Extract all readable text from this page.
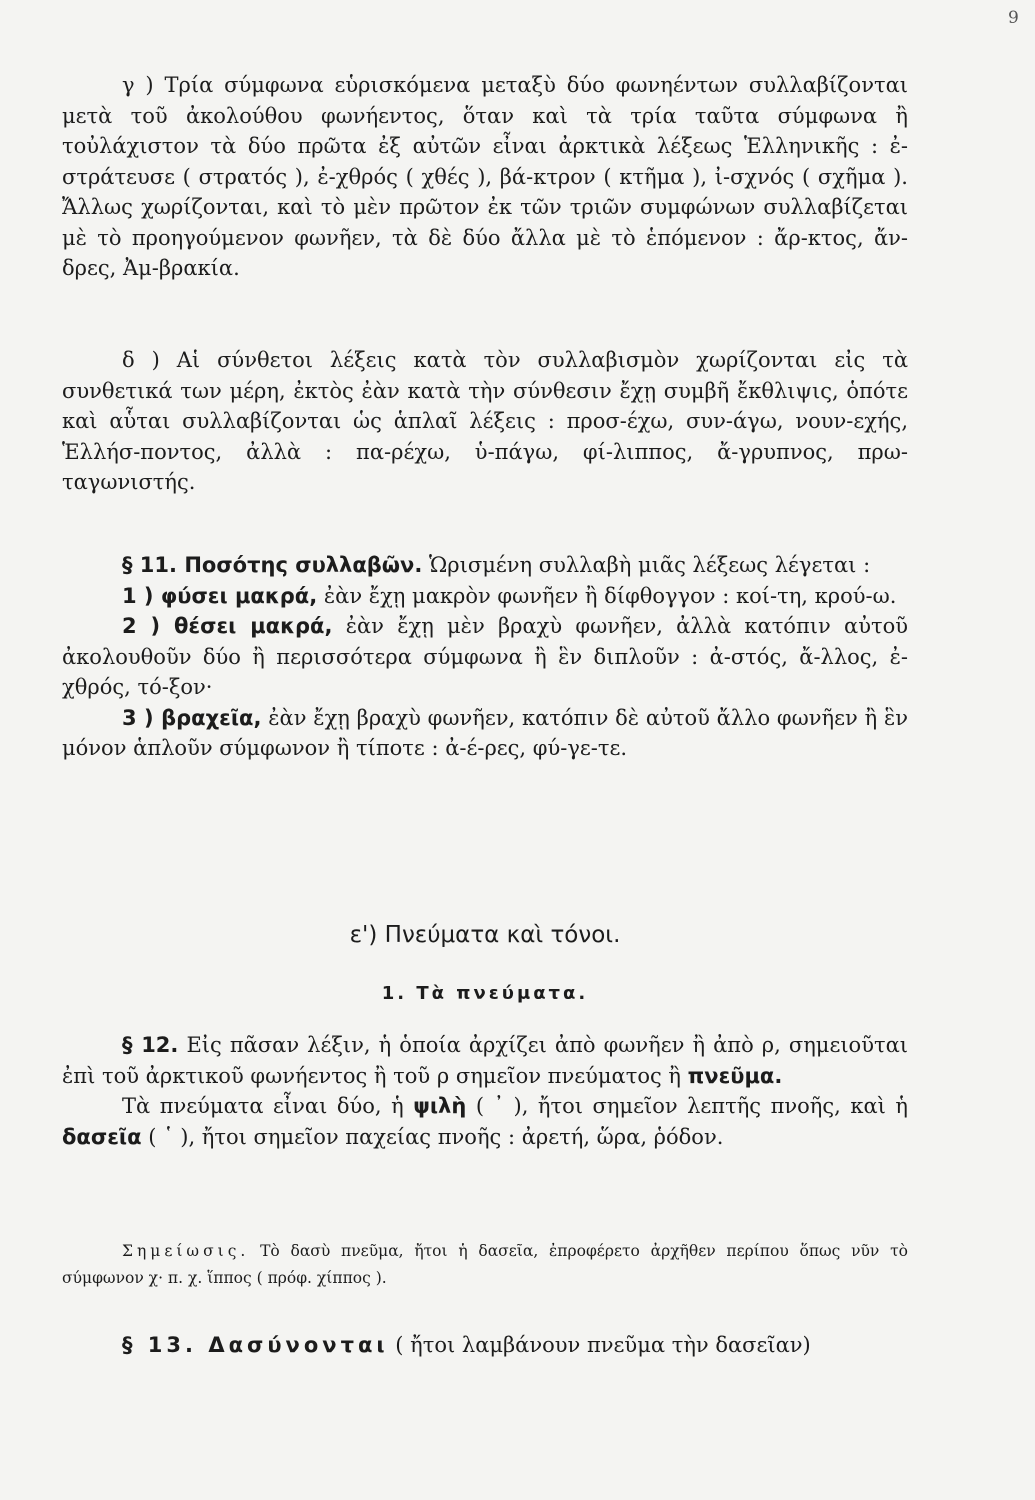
9

γ ) Τρία σύμφωνα εὑρισκόμενα μεταξὺ δύο φωνηέντων συλλαβίζονται μετὰ τοῦ ἀκολούθου φωνήεντος, ὅταν καὶ τὰ τρία ταῦτα σύμφωνα ἢ τοὐλάχιστον τὰ δύο πρῶτα ἐξ αὐτῶν εἶναι ἀρκτικὰ λέξεως Ἑλληνικῆς : ἐ-στράτευσε ( στρατός ), ἐ-χθρός ( χθές ), βά-κτρον ( κτῆμα ), ἰ-σχνός ( σχῆμα ). Ἄλλως χωρίζονται, καὶ τὸ μὲν πρῶτον ἐκ τῶν τριῶν συμφώνων συλλαβίζεται μὲ τὸ προηγούμενον φωνῆεν, τὰ δὲ δύο ἄλλα μὲ τὸ ἑπόμενον : ἄρ-κτος, ἄν-δρες, Ἀμ-βρακία.

δ ) Αἱ σύνθετοι λέξεις κατὰ τὸν συλλαβισμὸν χωρίζονται εἰς τὰ συνθετικά των μέρη, ἐκτὸς ἐὰν κατὰ τὴν σύνθεσιν ἔχῃ συμβῆ ἔκθλιψις, ὁπότε καὶ αὗται συλλαβίζονται ὡς ἁπλαῖ λέξεις : προσ-έχω, συν-άγω, νουν-εχής, Ἑλλήσ-ποντος, ἀλλὰ : πα-ρέχω, ὑ-πάγω, φί-λιππος, ἄ-γρυπνος, πρω-ταγωνιστής.

§ 11. Ποσότης συλλαβῶν. Ὡρισμένη συλλαβὴ μιᾶς λέξεως λέγεται :
1 ) φύσει μακρά, ἐὰν ἔχῃ μακρὸν φωνῆεν ἢ δίφθογγον : κοί-τη, κρού-ω.
2 ) θέσει μακρά, ἐὰν ἔχῃ μὲν βραχὺ φωνῆεν, ἀλλὰ κατόπιν αὐτοῦ ἀκολουθοῦν δύο ἢ περισσότερα σύμφωνα ἢ ἓν διπλοῦν : ἀ-στός, ἄ-λλος, ἐ-χθρός, τό-ξον·
3 ) βραχεῖα, ἐὰν ἔχῃ βραχὺ φωνῆεν, κατόπιν δὲ αὐτοῦ ἄλλο φωνῆεν ἢ ἓν μόνον ἁπλοῦν σύμφωνον ἢ τίποτε : ἀ-έ-ρες, φύ-γε-τε.
ε') Πνεύματα καὶ τόνοι.
1. Τὰ πνεύματα.
§ 12. Εἰς πᾶσαν λέξιν, ἡ ὁποία ἀρχίζει ἀπὸ φωνῆεν ἢ ἀπὸ ρ, σημειοῦται ἐπὶ τοῦ ἀρκτικοῦ φωνήεντος ἢ τοῦ ρ σημεῖον πνεύματος ἢ πνεῦμα.
Τὰ πνεύματα εἶναι δύο, ἡ ψιλὴ ( ᾿ ), ἤτοι σημεῖον λεπτῆς πνοῆς, καὶ ἡ δασεῖα ( ῾ ), ἤτοι σημεῖον παχείας πνοῆς : ἀρετή, ὥρα, ῥόδον.
Σημείωσις. Τὸ δασὺ πνεῦμα, ἤτοι ἡ δασεῖα, ἐπροφέρετο ἀρχῆθεν περίπου ὅπως νῦν τὸ σύμφωνον χ· π. χ. ἵππος ( πρόφ. χίππος ).
§ 13. Δασύνονται ( ἤτοι λαμβάνουν πνεῦμα τὴν δασεῖαν)
